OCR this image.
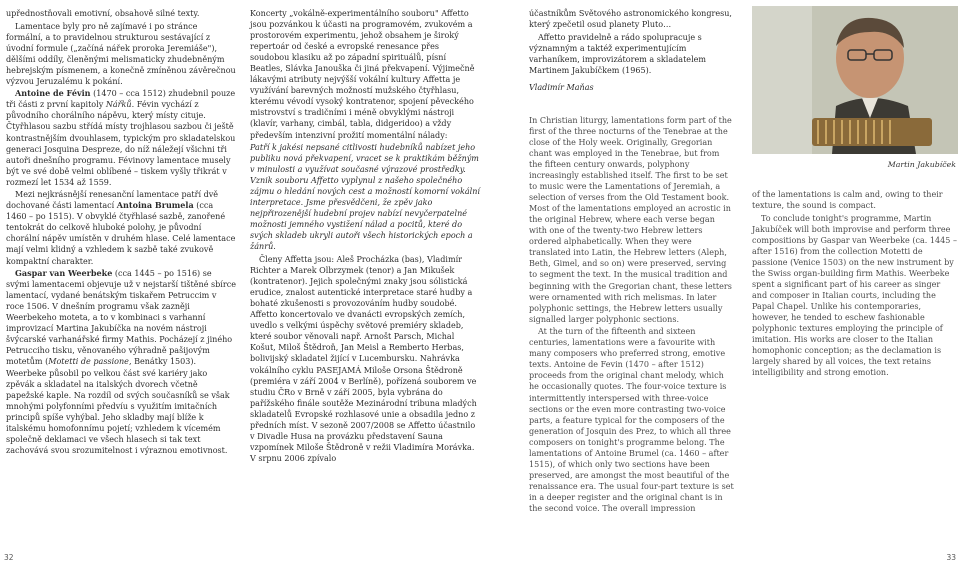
upřednostňovali emotivní, obsahově silné texty.

Lamentace byly pro ně zajímavé i po stránce formální, a to pravidelnou strukturou sestávající z úvodní formule („začíná nářek proroka Jeremiáše"), dělšími oddíly, členěnými melismaticky zhudebněným hebrejským písmenem, a konečně zmíněnou závěrečnou výzvou Jeruzalému k pokání.

Antoine de Févin (1470 – cca 1512) zhudebnil pouze tři části z první kapitoly Nářků. Févin vychází z původního chorálního nápěvu, který místy cituje. Čtyřhlasou sazbu střídá místy trojhlasou sazbou či ještě kontrastnějším dvouhlasem, typickým pro skladatelskou generaci Josquina Despreze, do níž náležejí všichni tři autoři dnešního programu. Févinovy lamentace musely být ve své době velmi oblíbené – tiskem vyšly třikrát v rozmezí let 1534 až 1559.

Mezi nejkrásnější renesanční lamentace patří dvě dochované části lamentací Antoina Brumela (cca 1460 – po 1515). V obvyklé čtyřhlasé sazbě, zanořené tentokrát do celkově hluboké polohy, je původní chorální nápěv umístěn v druhém hlase. Celé lamentace mají velmi klidný a vzhledem k sazbě také zvukově kompaktní charakter.

Gaspar van Weerbeke (cca 1445 – po 1516) se svými lamentacemi objevuje už v nejstarší tištěné sbírce lamentací, vydané benátským tiskařem Petruccim v roce 1506. V dnešním programu však zazněji Weerbekeho moteta, a to v kombinaci s varhanní improvizací Martina Jakubíčka na novém nástroji švýcarské varhanářské firmy Mathis. Pocházejí z jiného Petrucciho tisku, věnovaného výhradně pašijovým motetům (Motetti de passione, Benátky 1503). Weerbeke působil po velkou část své kariéry jako zpěvák a skladatel na italských dvorech včetně papežské kaple. Na rozdíl od svých současníků se však mnohými polyfonními předvíu s využitím imitačních principů spíše vyhýbal. Jeho skladby mají blíže k italskému homofonnímu pojetí; vzhledem k vícemém společně deklamaci ve všech hlasech si tak text zachovává svou srozumitelnost i výraznou emotivnost.

Koncerty „vokálně-experimentálního souboru" Affetto jsou pozvánkou k účasti na programovém, zvukovém a prostorovém experimentu, jehož obsahem je široký repertoár od české a evropské renesance přes soudobou klasiku až po západní spirituálů, písní Beatles, Slávka Janouška či jiná překvapení. Výjimečně lákavými atributy nejvýšší vokální kultury Affetta je využívání barevných možností mužského čtyřhlasu, kterému vévodí vysoký kontratenor, spojení pěveckého mistrovství s tradičními i méně obvyklými nástroji (klavír, varhany, cimbál, tabla, didgeridoo) a vždy především intenzivní prožití momentální nálady:

Patří k jakési nepsané citlivosti hudebníků nabízet jeho publiku nová překvapení, vracet se k praktikám běžným v minulosti a využívat současné výrazové prostředky. Vznik souboru Affetto vyplynul z našeho společného zájmu o hledání nových cest a možností komorní vokální interpretace. Jsme přesvědčeni, že zpěv jako nejpřirozenější hudební projev nabízí nevyčerpatelné možnosti jemného vystižení nálad a pocitů, které do svých skladeb ukryli autoři všech historických epoch a žánrů.

Členy Affetta jsou: Aleš Procházka (bas), Vladimír Richter a Marek Olbrzymek (tenor) a Jan Mikušek (kontratenor). Jejich společnými znaky jsou sólistická erudice, znalost autentické interpretace staré hudby a bohaté zkušenosti s provozováním hudby soudobé. Affetto koncertovalo ve dvanácti evropských zemích, uvedlo s velkými úspěchy světové premiéry skladeb, které soubor věnovali např. Arnošt Parsch, Michal Košut, Miloš Štědroň, Jan Meisl a Remberto Herbas, bolivijský skladatel žijící v Lucembursku. Nahrávka vokálního cyklu PASEJAMÁ Miloše Orsona Štědroně (premiéra v září 2004 v Berlíně), pořízená souborem ve studiu ČRo v Brně v září 2005, byla vybrána do pařížského finále soutěže Mezinárodní tribuna mladých skladatelů Evropské rozhlasové unie a obsadila jedno z předních míst. V sezoně 2007/2008 se Affetto účastnilo v Divadle Husa na provázku představení Sauna vzpomínek Miloše Štědroně v režii Vladimíra Morávka. V srpnu 2006 zpívalo

32

účastníkům Světového astronomického kongresu, který zpečetil osud planety Pluto…

Affetto pravidelně a rádo spolupracuje s významným a taktéž experimentujícím varhaníkem, improvizátorem a skladatelem Martinem Jakubíčkem (1965).

Vladimír Maňas

In Christian liturgy, lamentations form part of the first of the three nocturns of the Tenebrae at the close of the Holy week. Originally, Gregorian chant was employed in the Tenebrae, but from the fifteen century onwards, polyphony increasingly established itself. The first to be set to music were the Lamentations of Jeremiah, a selection of verses from the Old Testament book. Most of the lamentations employed an acrostic in the original Hebrew, where each verse began with one of the twenty-two Hebrew letters ordered alphabetically. When they were translated into Latin, the Hebrew letters (Aleph, Beth, Gimel, and so on) were preserved, serving to segment the text. In the musical tradition and beginning with the Gregorian chant, these letters were ornamented with rich melismas. In later polyphonic settings, the Hebrew letters usually signalled larger polyphonic sections.

At the turn of the fifteenth and sixteen centuries, lamentations were a favourite with many composers who preferred strong, emotive texts. Antoine de Fevin (1470 – after 1512) proceeds from the original chant melody, which he occasionally quotes. The four-voice texture is intermittently interspersed with three-voice sections or the even more contrasting two-voice parts, a feature typical for the composers of the generation of Josquin des Prez, to which all three composers on tonight's programme belong. The lamentations of Antoine Brumel (ca. 1460 – after 1515), of which only two sections have been preserved, are amongst the most beautiful of the renaissance era. The usual four-part texture is set in a deeper register and the original chant is in the second voice. The overall impression

Martin Jakubíček

of the lamentations is calm and, owing to their texture, the sound is compact.

To conclude tonight's programme, Martin Jakubíček will both improvise and perform three compositions by Gaspar van Weerbeke (ca. 1445 – after 1516) from the collection Motetti de passione (Venice 1503) on the new instrument by the Swiss organ-building firm Mathis. Weerbeke spent a significant part of his career as singer and composer in Italian courts, including the Papal Chapel. Unlike his contemporaries, however, he tended to eschew fashionable polyphonic textures employing the principle of imitation. His works are closer to the Italian homophonic conception; as the declamation is largely shared by all voices, the text retains intelligibility and strong emotion.

33
